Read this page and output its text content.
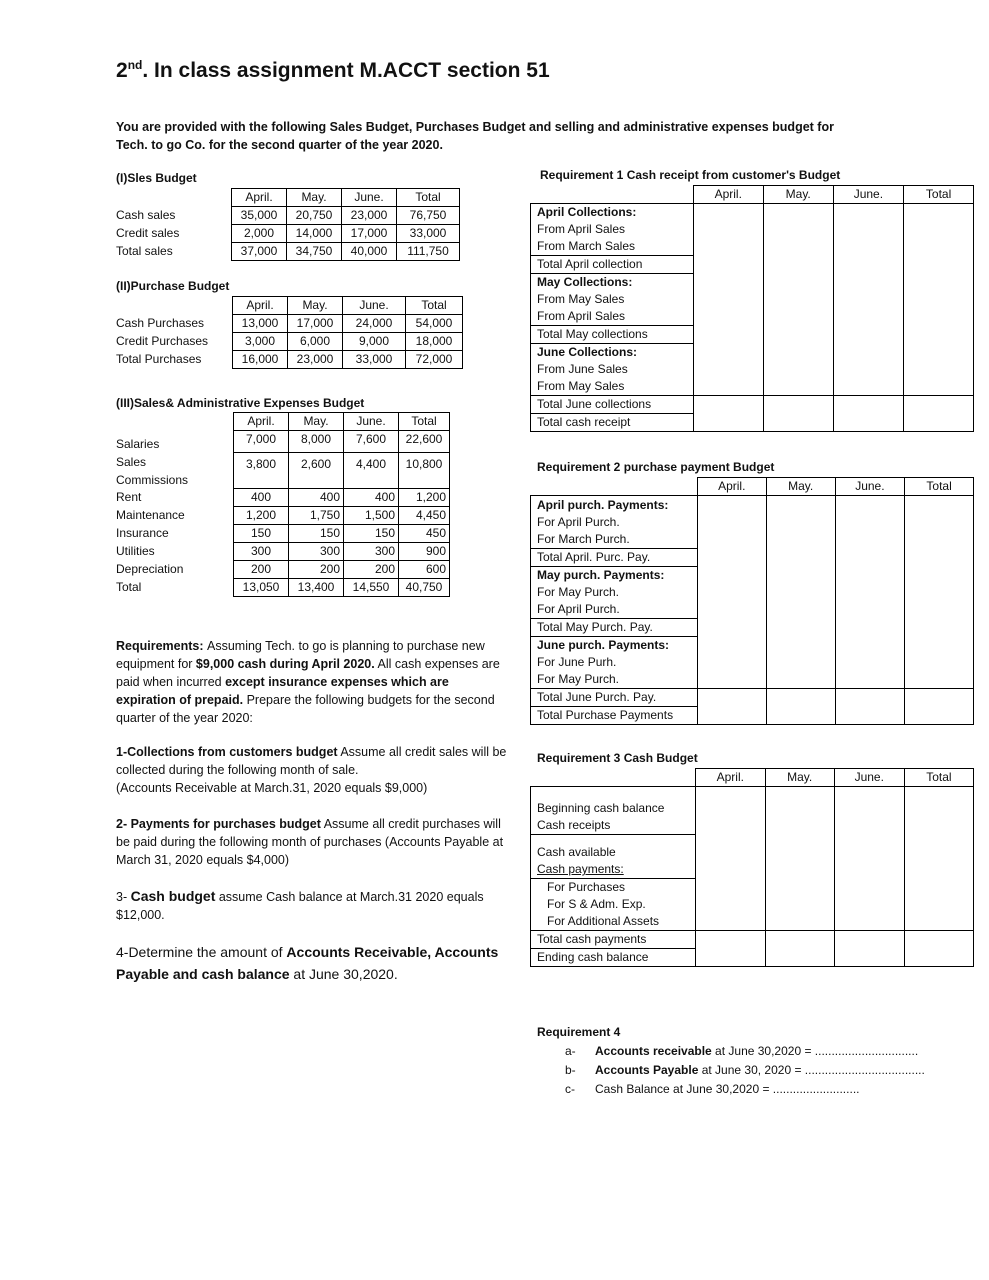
2nd. In class assignment M.ACCT section 51
You are provided with the following Sales Budget, Purchases Budget and selling and administrative expenses budget for
Tech. to go Co. for the second quarter of the year 2020.
(I)Sles Budget
	April.	May.	June.	Total
Cash sales	35,000	20,750	23,000	76,750
Credit sales	2,000	14,000	17,000	33,000
Total sales	37,000	34,750	40,000	111,750
(II)Purchase Budget
	April.	May.	June.	Total
Cash Purchases	13,000	17,000	24,000	54,000
Credit Purchases	3,000	6,000	9,000	18,000
Total Purchases	16,000	23,000	33,000	72,000
(III)Sales& Administrative Expenses Budget
	April.	May.	June.	Total
Salaries	7,000	8,000	7,600	22,600

Sales
Commissions	3,800	2,600	4,400	10,800
Rent	400	400	400	1,200
Maintenance	1,200	1,750	1,500	4,450
Insurance	150	150	150	450
Utilities	300	300	300	900
Depreciation	200	200	200	600
Total	13,050	13,400	14,550	40,750
Requirements: Assuming Tech. to go is planning to purchase new equipment for $9,000 cash during April 2020. All cash expenses are paid when incurred except insurance expenses which are expiration of prepaid. Prepare the following budgets for the second quarter of the year 2020:
1-Collections from customers budget Assume all credit sales will be collected during the following month of sale.
(Accounts Receivable at March.31, 2020 equals $9,000)
2- Payments for purchases budget Assume all credit purchases will be paid during the following month of purchases (Accounts Payable at March 31, 2020 equals $4,000)
3- Cash budget assume Cash balance at March.31 2020 equals $12,000.
4-Determine the amount of Accounts Receivable, Accounts Payable and cash balance at June 30,2020.
Requirement 1 Cash receipt from customer's Budget
	April.	May.	June.	Total
April Collections:				
From April Sales				
From March Sales				
Total April collection				
May Collections:				
From May Sales				
From April Sales				
Total May collections				
June Collections:				
From June Sales				
From May Sales				
Total June collections				
Total cash receipt				
Requirement 2 purchase payment Budget
	April.	May.	June.	Total
April purch. Payments:				
For April Purch.				
For March Purch.				
Total April. Purc. Pay.				
May purch. Payments:				
For May Purch.				
For April Purch.				
Total May Purch. Pay.				
June purch. Payments:				
For June Purh.				
For May Purch.				
Total June Purch. Pay.				
Total Purchase Payments				
Requirement 3 Cash Budget
	April.	May.	June.	Total
Beginning cash balance				
Cash receipts				
Cash available				
Cash payments:				
For Purchases				
For S & Adm. Exp.				
For Additional Assets				
Total cash payments				
Ending cash balance				
Requirement 4
a- Accounts receivable at June 30,2020 = ...............................
b- Accounts Payable at June 30, 2020 = ....................................
c- Cash Balance at June 30,2020 = ..........................
